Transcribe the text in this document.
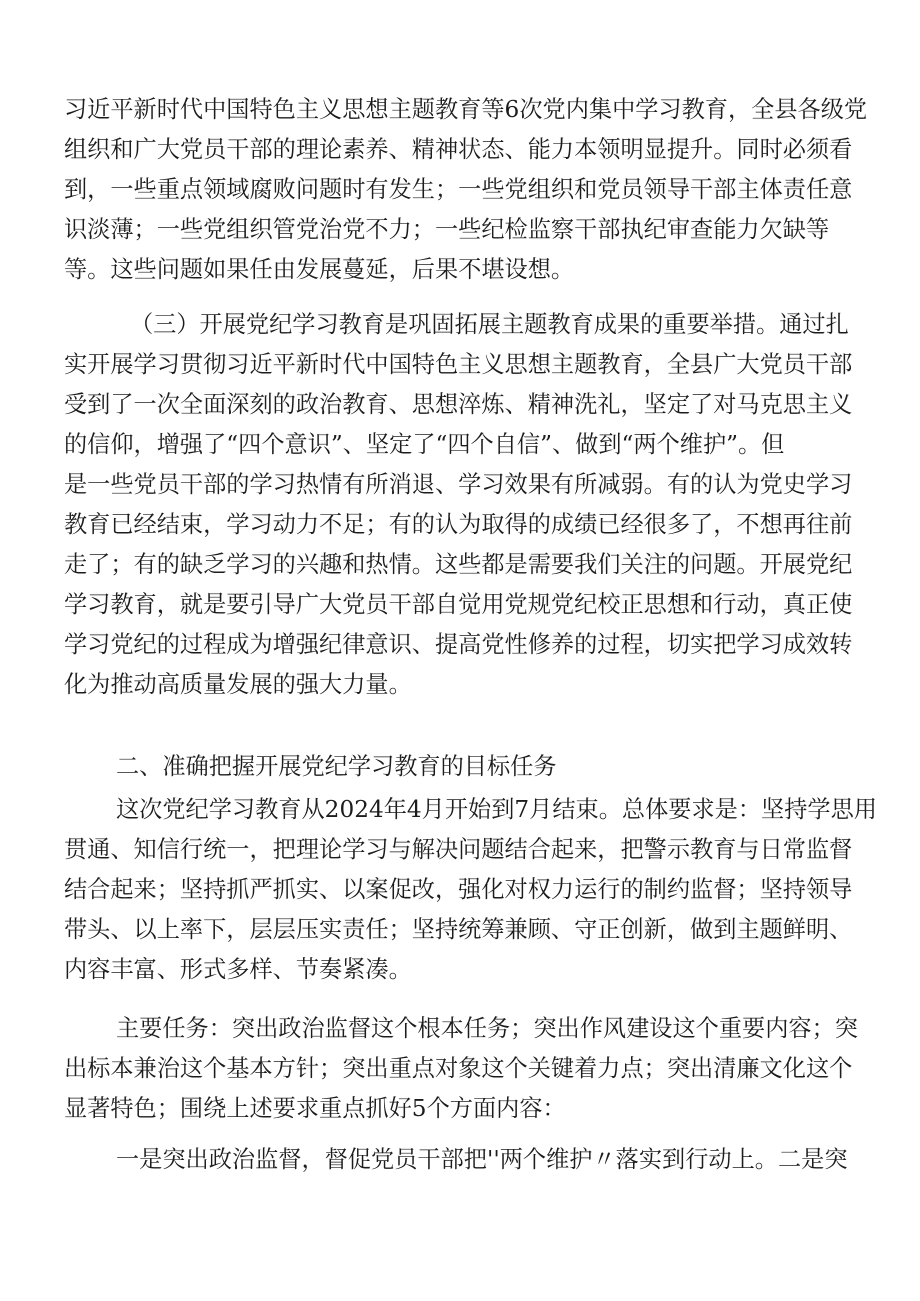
习近平新时代中国特色主义思想主题教育等6次党内集中学习教育，全县各级党
组织和广大党员干部的理论素养、精神状态、能力本领明显提升。同时必须看
到，一些重点领域腐败问题时有发生；一些党组织和党员领导干部主体责任意
识淡薄；一些党组织管党治党不力；一些纪检监察干部执纪审查能力欠缺等
等。这些问题如果任由发展蔓延，后果不堪设想。
（三）开展党纪学习教育是巩固拓展主题教育成果的重要举措。通过扎
实开展学习贯彻习近平新时代中国特色主义思想主题教育，全县广大党员干部
受到了一次全面深刻的政治教育、思想淬炼、精神洗礼，坚定了对马克思主义
的信仰，增强了“四个意识”、坚定了“四个自信”、做到“两个维护”。但
是一些党员干部的学习热情有所消退、学习效果有所减弱。有的认为党史学习
教育已经结束，学习动力不足；有的认为取得的成绩已经很多了，不想再往前
走了；有的缺乏学习的兴趣和热情。这些都是需要我们关注的问题。开展党纪
学习教育，就是要引导广大党员干部自觉用党规党纪校正思想和行动，真正使
学习党纪的过程成为增强纪律意识、提高党性修养的过程，切实把学习成效转
化为推动高质量发展的强大力量。
二、准确把握开展党纪学习教育的目标任务
这次党纪学习教育从2024年4月开始到7月结束。总体要求是：坚持学思用
贯通、知信行统一，把理论学习与解决问题结合起来，把警示教育与日常监督
结合起来；坚持抓严抓实、以案促改，强化对权力运行的制约监督；坚持领导
带头、以上率下，层层压实责任；坚持统筹兼顾、守正创新，做到主题鲜明、
内容丰富、形式多样、节奏紧凑。
主要任务：突出政治监督这个根本任务；突出作风建设这个重要内容；突
出标本兼治这个基本方针；突出重点对象这个关键着力点；突出清廉文化这个
显著特色；围绕上述要求重点抓好5个方面内容：
一是突出政治监督，督促党员干部把''两个维护〃落实到行动上。二是突
